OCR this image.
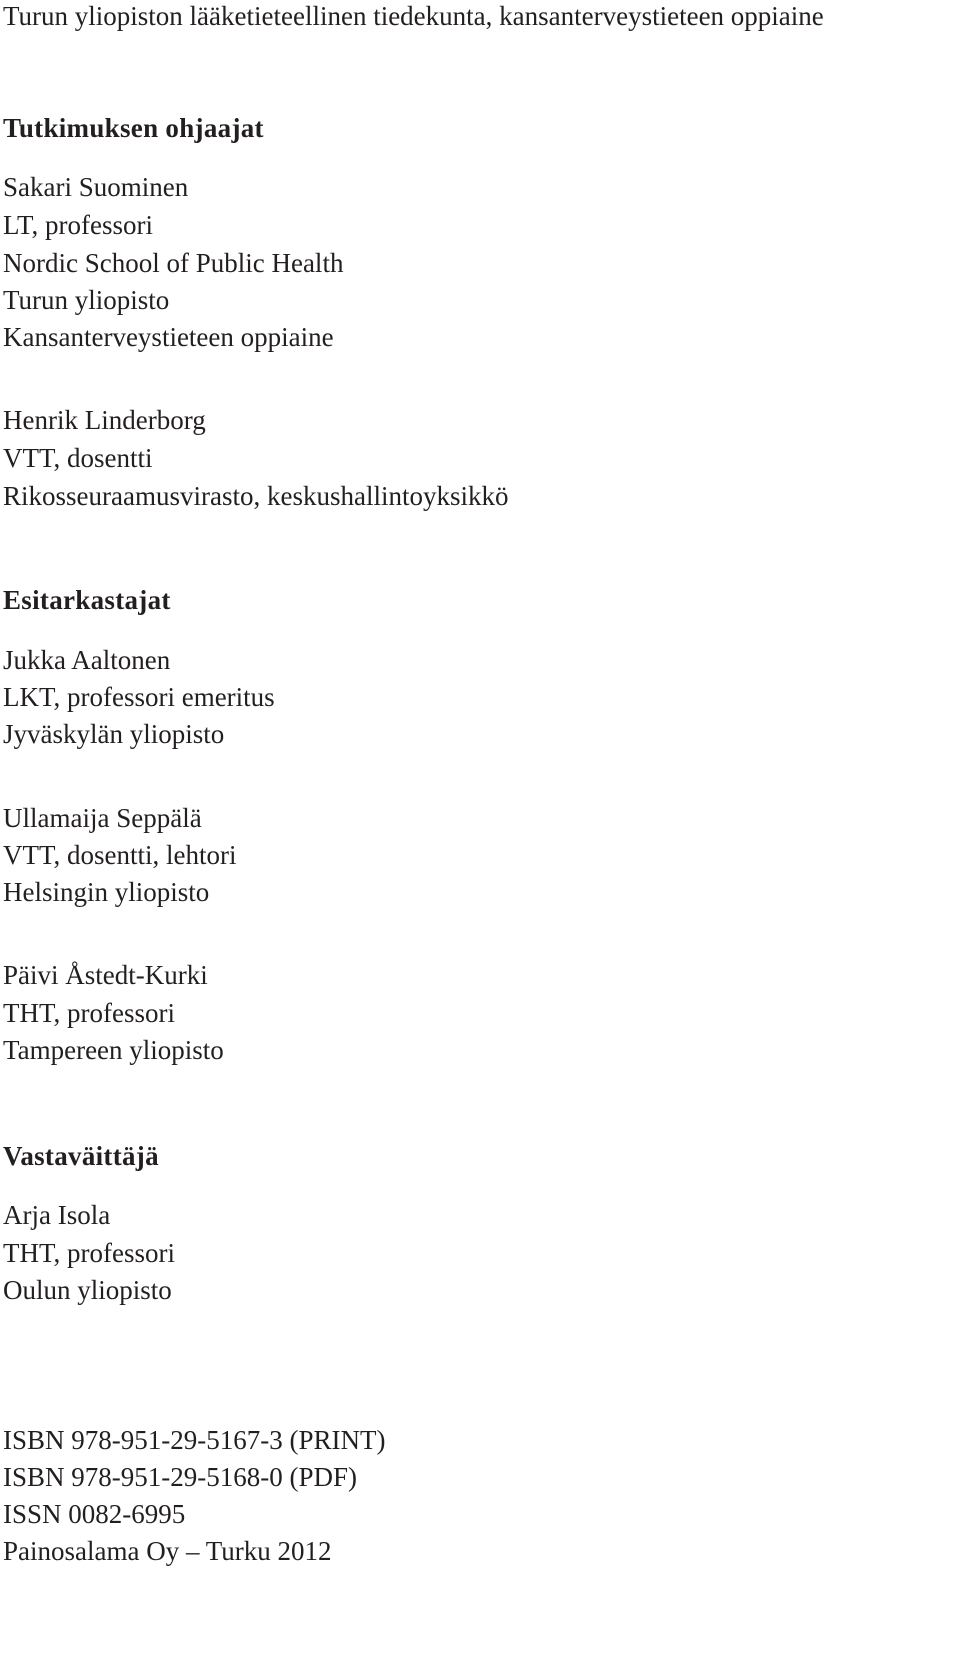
Turun yliopiston lääketieteellinen tiedekunta, kansanterveystieteen oppiaine
Tutkimuksen ohjaajat
Sakari Suominen
LT, professori
Nordic School of Public Health
Turun yliopisto
Kansanterveystieteen oppiaine
Henrik Linderborg
VTT, dosentti
Rikosseuraamusvirasto, keskushallintoyksikkö
Esitarkastajat
Jukka Aaltonen
LKT, professori emeritus
Jyväskylän yliopisto
Ullamaija Seppälä
VTT, dosentti, lehtori
Helsingin yliopisto
Päivi Åstedt-Kurki
THT, professori
Tampereen yliopisto
Vastaväittäjä
Arja Isola
THT, professori
Oulun yliopisto
ISBN 978-951-29-5167-3 (PRINT)
ISBN 978-951-29-5168-0 (PDF)
ISSN 0082-6995
Painosalama Oy – Turku 2012
